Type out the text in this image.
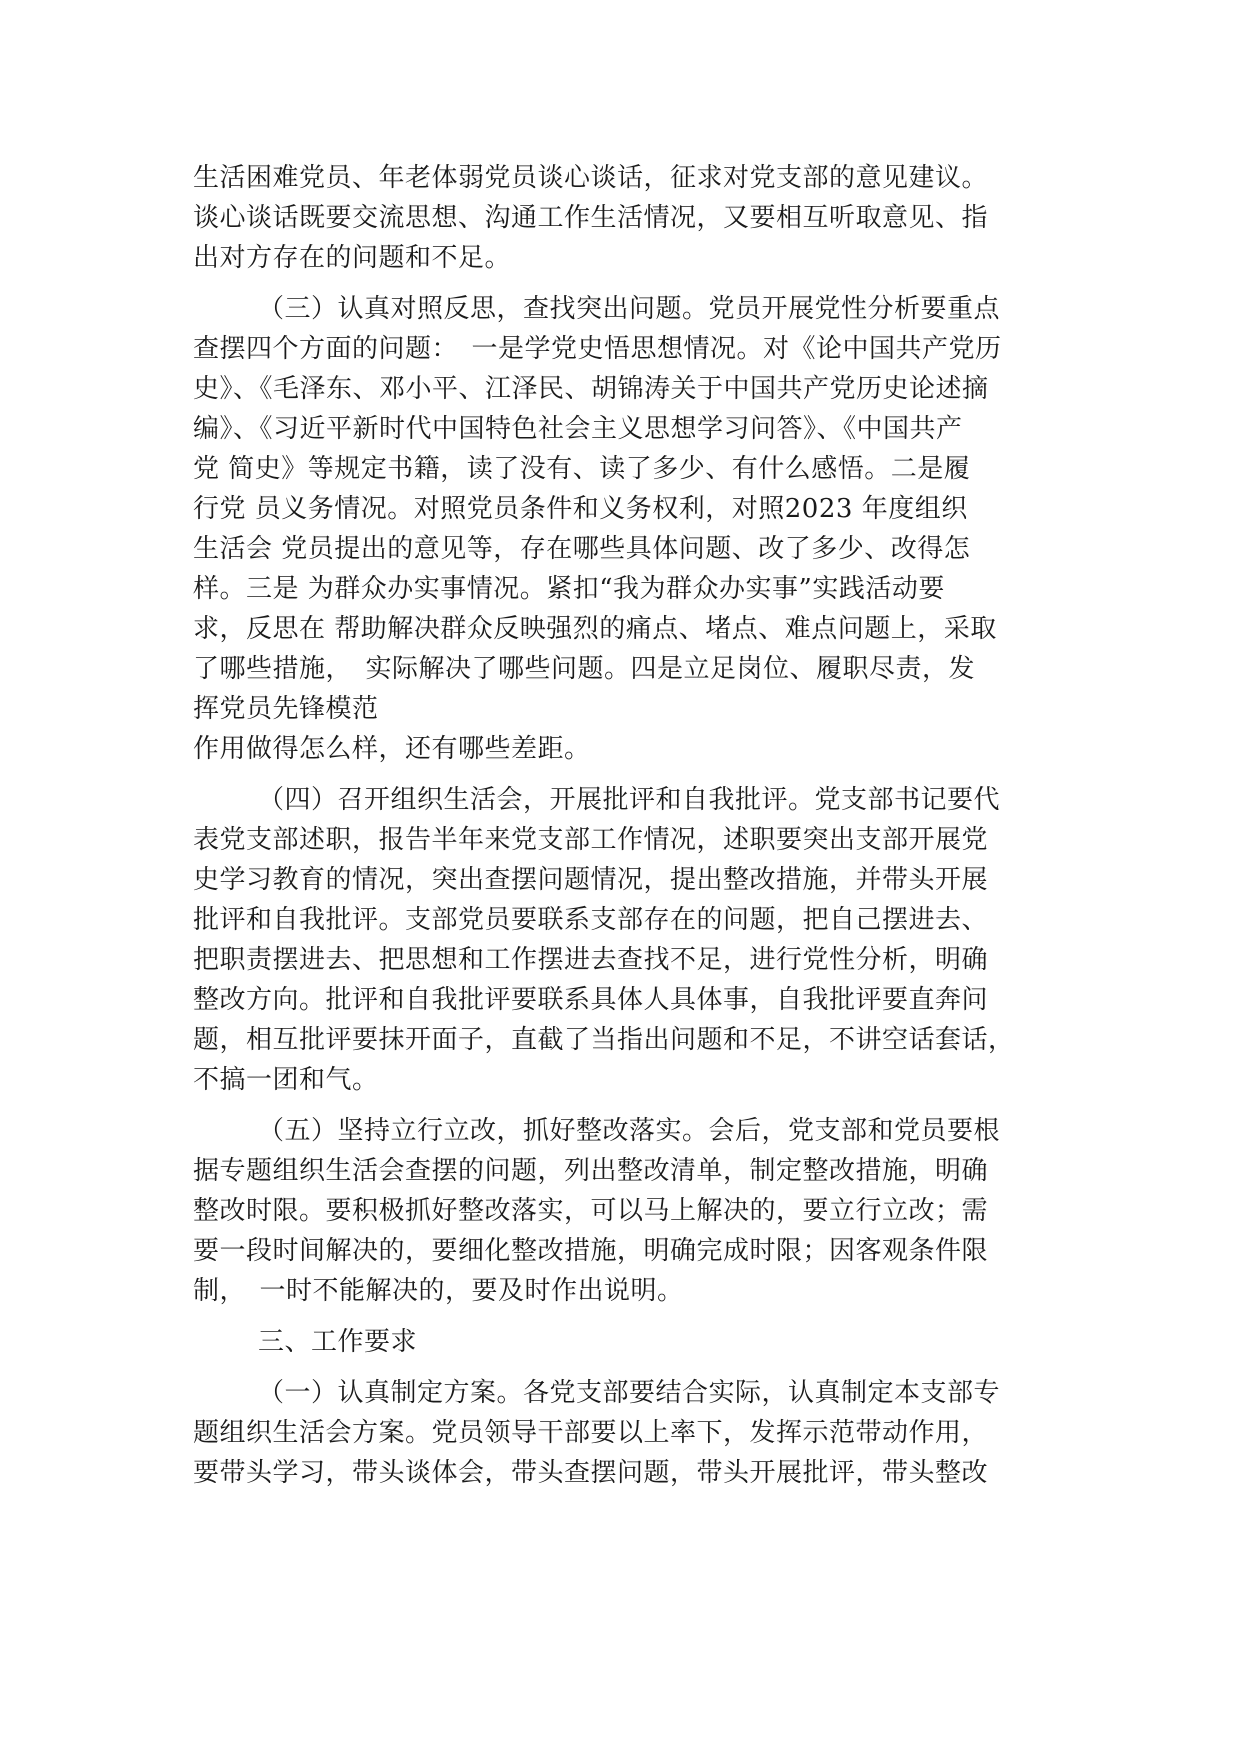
生活困难党员、年老体弱党员谈心谈话，征求对党支部的意见建议。
谈心谈话既要交流思想、沟通工作生活情况，又要相互听取意见、指
出对方存在的问题和不足。
（三）认真对照反思，查找突出问题。党员开展党性分析要重点
查摆四个方面的问题：　一是学党史悟思想情况。对《论中国共产党历
史》、《毛泽东、邓小平、江泽民、胡锦涛关于中国共产党历史论述摘
编》、《习近平新时代中国特色社会主义思想学习问答》、《中国共产
党 简史》等规定书籍，读了没有、读了多少、有什么感悟。二是履
行党 员义务情况。对照党员条件和义务权利，对照2023 年度组织
生活会 党员提出的意见等，存在哪些具体问题、改了多少、改得怎
样。三是 为群众办实事情况。紧扣“我为群众办实事”实践活动要
求，反思在 帮助解决群众反映强烈的痛点、堵点、难点问题上，采取
了哪些措施，　实际解决了哪些问题。四是立足岗位、履职尽责，发
挥党员先锋模范
作用做得怎么样，还有哪些差距。
（四）召开组织生活会，开展批评和自我批评。党支部书记要代
表党支部述职，报告半年来党支部工作情况，述职要突出支部开展党
史学习教育的情况，突出查摆问题情况，提出整改措施，并带头开展
批评和自我批评。支部党员要联系支部存在的问题，把自己摆进去、
把职责摆进去、把思想和工作摆进去查找不足，进行党性分析，明确
整改方向。批评和自我批评要联系具体人具体事，自我批评要直奔问
题，相互批评要抹开面子，直截了当指出问题和不足，不讲空话套话，
不搞一团和气。
（五）坚持立行立改，抓好整改落实。会后，党支部和党员要根
据专题组织生活会查摆的问题，列出整改清单，制定整改措施，明确
整改时限。要积极抓好整改落实，可以马上解决的，要立行立改；需
要一段时间解决的，要细化整改措施，明确完成时限；因客观条件限
制，　一时不能解决的，要及时作出说明。
三、工作要求
（一）认真制定方案。各党支部要结合实际，认真制定本支部专
题组织生活会方案。党员领导干部要以上率下，发挥示范带动作用，
要带头学习，带头谈体会，带头查摆问题，带头开展批评，带头整改
